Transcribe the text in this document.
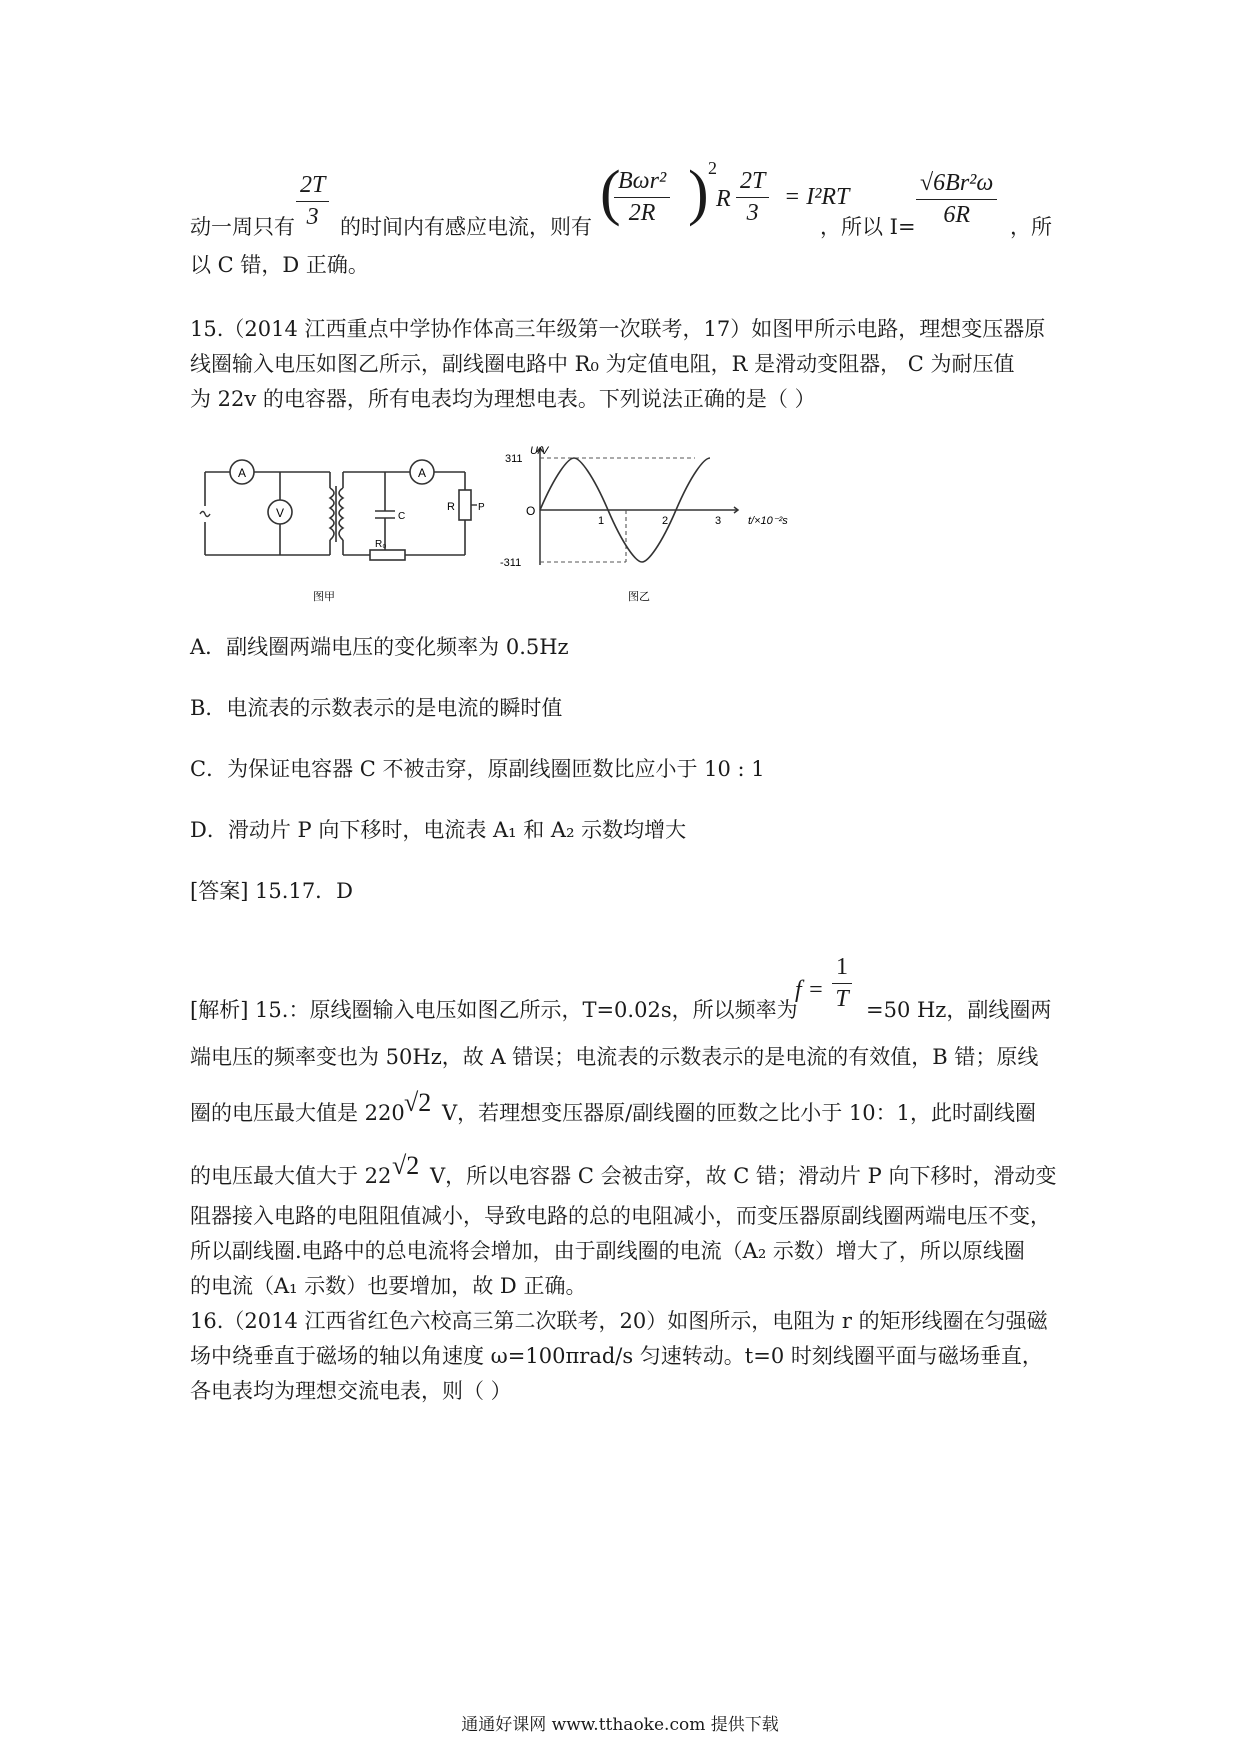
动一周只有
2T
3	的时间内有感应电流，则有 (
Bωr²
2R ) 2
R
2T
3
= I²RT
，所以 I=
√6Br²ω
6R	，所
以 C 错，D 正确。
15.（2014 江西重点中学协作体高三年级第一次联考，17）如图甲所示电路，理想变压器原
线圈输入电压如图乙所示，副线圈电路中 R₀ 为定值电阻，R 是滑动变阻器， C 为耐压值
为 22v 的电容器，所有电表均为理想电表。下列说法正确的是（ ）
A
V
A
R₀
C
R P
图甲
U/V
311
-311
O
1	2	3 t/×10⁻²s
图乙
A．副线圈两端电压的变化频率为 0.5Hz
B．电流表的示数表示的是电流的瞬时值
C．为保证电容器 C 不被击穿，原副线圈匝数比应小于 10 : 1
D．滑动片 P 向下移时，电流表 A₁ 和 A₂ 示数均增大
[答案] 15.17．D
[解析] 15.：原线圈输入电压如图乙所示，T=0.02s，所以频率为
f =
1
T =50 Hz，副线圈两
端电压的频率变也为 50Hz，故 A 错误；电流表的示数表示的是电流的有效值，B 错；原线
圈的电压最大值是 220 √2 V，若理想变压器原/副线圈的匝数之比小于 10：1，此时副线圈
的电压最大值大于 22 √2 V，所以电容器 C 会被击穿，故 C 错；滑动片 P 向下移时，滑动变
阻器接入电路的电阻阻值减小，导致电路的总的电阻减小，而变压器原副线圈两端电压不变，
所以副线圈.电路中的总电流将会增加，由于副线圈的电流（A₂ 示数）增大了，所以原线圈
的电流（A₁ 示数）也要增加，故 D 正确。
16.（2014 江西省红色六校高三第二次联考，20）如图所示，电阻为 r 的矩形线圈在匀强磁
场中绕垂直于磁场的轴以角速度 ω=100πrad/s 匀速转动。t=0 时刻线圈平面与磁场垂直，
各电表均为理想交流电表，则（ ）
通通好课网 www.tthaoke.com 提供下载
